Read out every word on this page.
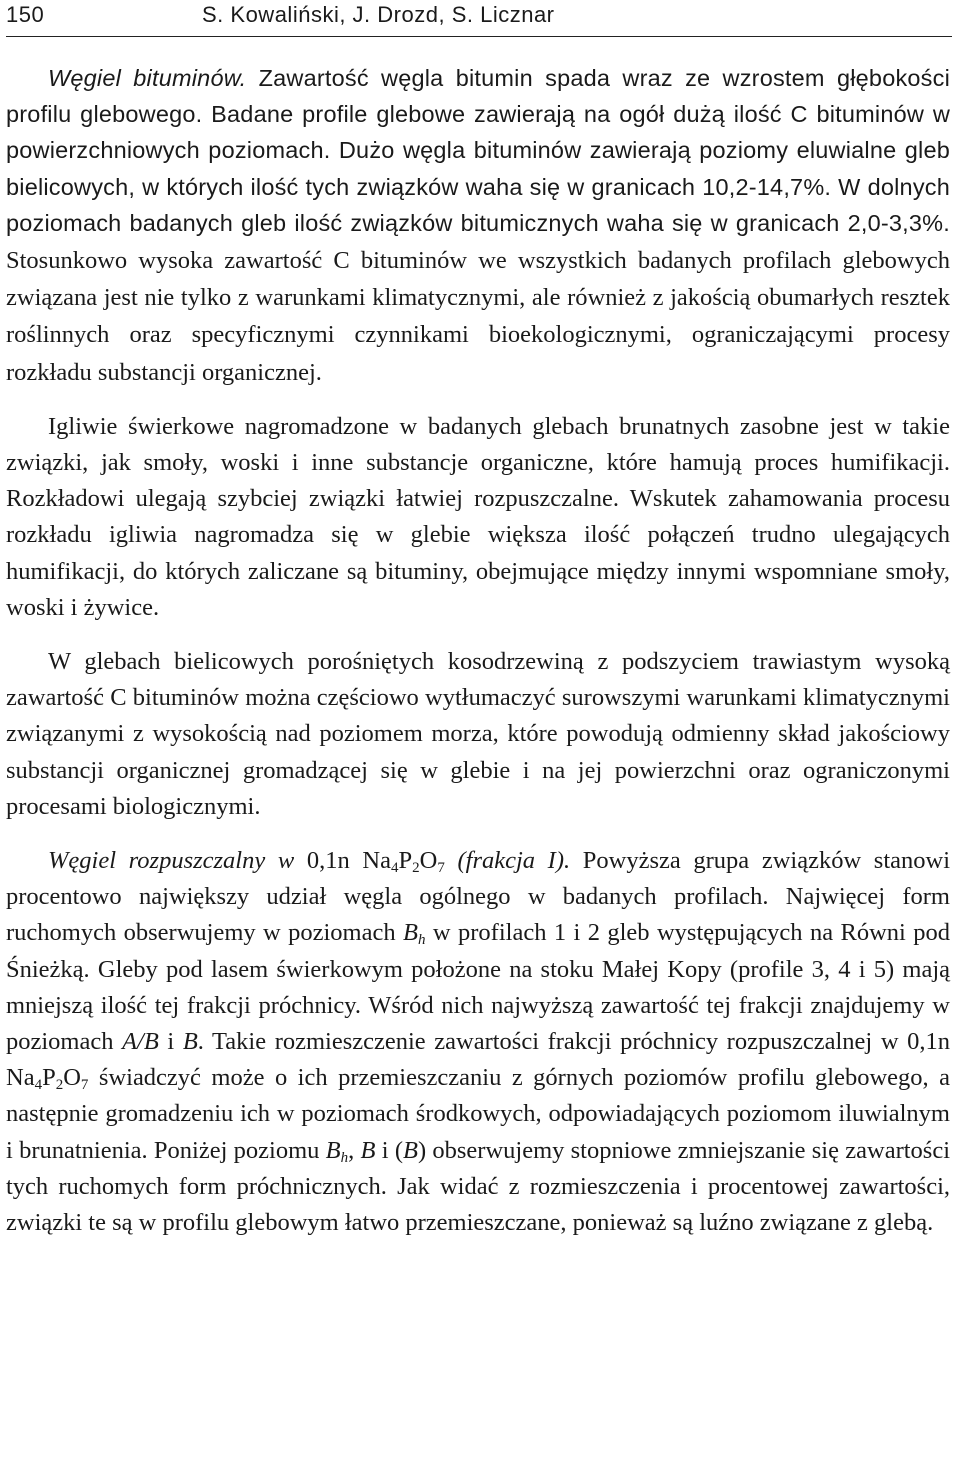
150	S. Kowaliński, J. Drozd, S. Licznar

Węgiel bituminów. Zawartość węgla bitumin spada wraz ze wzrostem głębokości profilu glebowego. Badane profile glebowe zawierają na ogół dużą ilość C bituminów w powierzchniowych poziomach. Dużo węgla bituminów zawierają poziomy eluwialne gleb bielicowych, w których ilość tych związków waha się w granicach 10,2-14,7%. W dolnych poziomach badanych gleb ilość związków bitumicznych waha się w granicach 2,0-3,3%. Stosunkowo wysoka zawartość C bituminów we wszystkich badanych profilach glebowych związana jest nie tylko z warunkami klimatycznymi, ale również z jakością obumarłych resztek roślinnych oraz specyficznymi czynnikami bioekologicznymi, ograniczającymi procesy rozkładu substancji organicznej.

Igliwie świerkowe nagromadzone w badanych glebach brunatnych zasobne jest w takie związki, jak smoły, woski i inne substancje organiczne, które hamują proces humifikacji. Rozkładowi ulegają szybciej związki łatwiej rozpuszczalne. Wskutek zahamowania procesu rozkładu igliwia nagromadza się w glebie większa ilość połączeń trudno ulegających humifikacji, do których zaliczane są bituminy, obejmujące między innymi wspomniane smoły, woski i żywice.

W glebach bielicowych porośniętych kosodrzewiną z podszyciem trawiastym wysoką zawartość C bituminów można częściowo wytłumaczyć surowszymi warunkami klimatycznymi związanymi z wysokością nad poziomem morza, które powodują odmienny skład jakościowy substancji organicznej gromadzącej się w glebie i na jej powierzchni oraz ograniczonymi procesami biologicznymi.

Węgiel rozpuszczalny w 0,1n $Na_4P_2O_7$ (frakcja I). Powyższa grupa związków stanowi procentowo największy udział węgla ogólnego w badanych profilach. Najwięcej form ruchomych obserwujemy w poziomach $B_h$ w profilach 1 i 2 gleb występujących na Równi pod Śnieżką. Gleby pod lasem świerkowym położone na stoku Małej Kopy (profile 3, 4 i 5) mają mniejszą ilość tej frakcji próchnicy. Wśród nich najwyższą zawartość tej frakcji znajdujemy w poziomach A/B i B. Takie rozmieszczenie zawartości frakcji próchnicy rozpuszczalnej w 0,1n $Na_4P_2O_7$ świadczyć może o ich przemieszczaniu z górnych poziomów profilu glebowego, a następnie gromadzeniu ich w poziomach środkowych, odpowiadających poziomom iluwialnym i brunatnienia. Poniżej poziomu $B_h$, B i (B) obserwujemy stopniowe zmniejszanie się zawartości tych ruchomych form próchnicznych. Jak widać z rozmieszczenia i procentowej zawartości, związki te są w profilu glebowym łatwo przemieszczane, ponieważ są luźno związane z glebą.
